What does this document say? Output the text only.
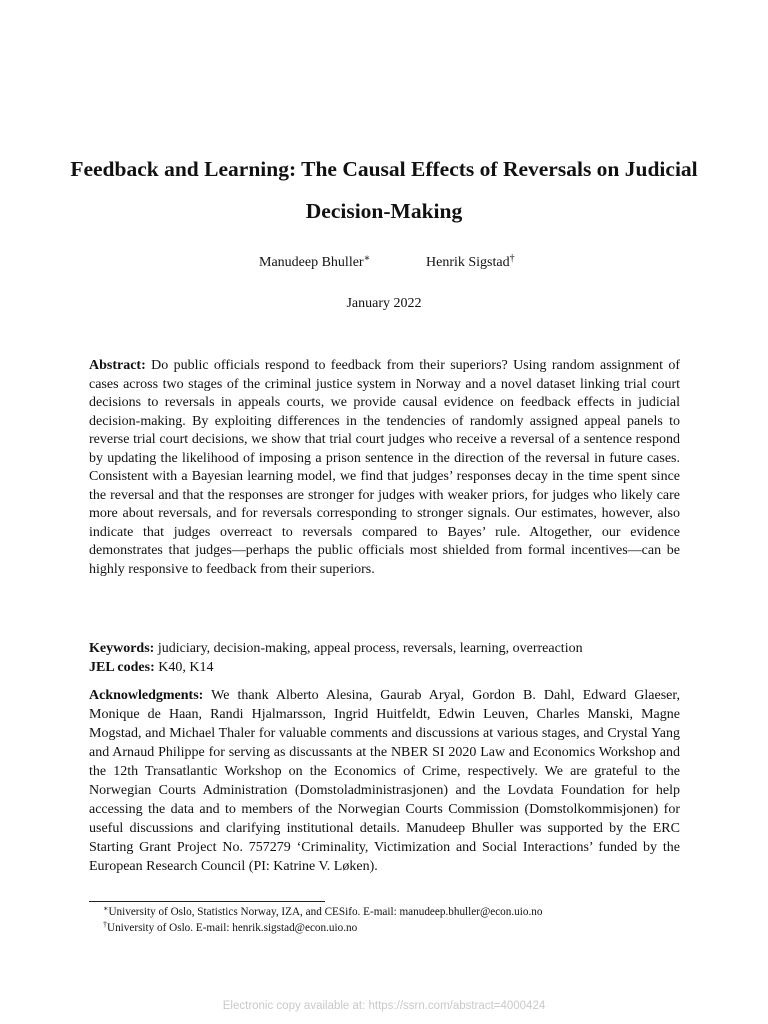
Feedback and Learning: The Causal Effects of Reversals on Judicial Decision-Making
Manudeep Bhuller∗	Henrik Sigstad†
January 2022

Abstract: Do public officials respond to feedback from their superiors? Using random assignment of cases across two stages of the criminal justice system in Norway and a novel dataset linking trial court decisions to reversals in appeals courts, we provide causal evidence on feedback effects in judicial decision-making. By exploiting differences in the tendencies of randomly assigned appeal panels to reverse trial court decisions, we show that trial court judges who receive a reversal of a sentence respond by updating the likelihood of imposing a prison sentence in the direction of the reversal in future cases. Consistent with a Bayesian learning model, we find that judges’ responses decay in the time spent since the reversal and that the responses are stronger for judges with weaker priors, for judges who likely care more about reversals, and for reversals corresponding to stronger signals. Our estimates, however, also indicate that judges overreact to reversals compared to Bayes’ rule. Altogether, our evidence demonstrates that judges—perhaps the public officials most shielded from formal incentives—can be highly responsive to feedback from their superiors.

Keywords: judiciary, decision-making, appeal process, reversals, learning, overreaction

JEL codes: K40, K14

Acknowledgments: We thank Alberto Alesina, Gaurab Aryal, Gordon B. Dahl, Edward Glaeser, Monique de Haan, Randi Hjalmarsson, Ingrid Huitfeldt, Edwin Leuven, Charles Manski, Magne Mogstad, and Michael Thaler for valuable comments and discussions at various stages, and Crystal Yang and Arnaud Philippe for serving as discussants at the NBER SI 2020 Law and Economics Workshop and the 12th Transatlantic Workshop on the Economics of Crime, respectively. We are grateful to the Norwegian Courts Administration (Domstoladministrasjonen) and the Lovdata Foundation for help accessing the data and to members of the Norwegian Courts Commission (Domstolkommisjonen) for useful discussions and clarifying institutional details. Manudeep Bhuller was supported by the ERC Starting Grant Project No. 757279 ‘Criminality, Victimization and Social Interactions’ funded by the European Research Council (PI: Katrine V. Løken).

∗University of Oslo, Statistics Norway, IZA, and CESifo. E-mail: manudeep.bhuller@econ.uio.no

†University of Oslo. E-mail: henrik.sigstad@econ.uio.no

Electronic copy available at: https://ssrn.com/abstract=4000424
